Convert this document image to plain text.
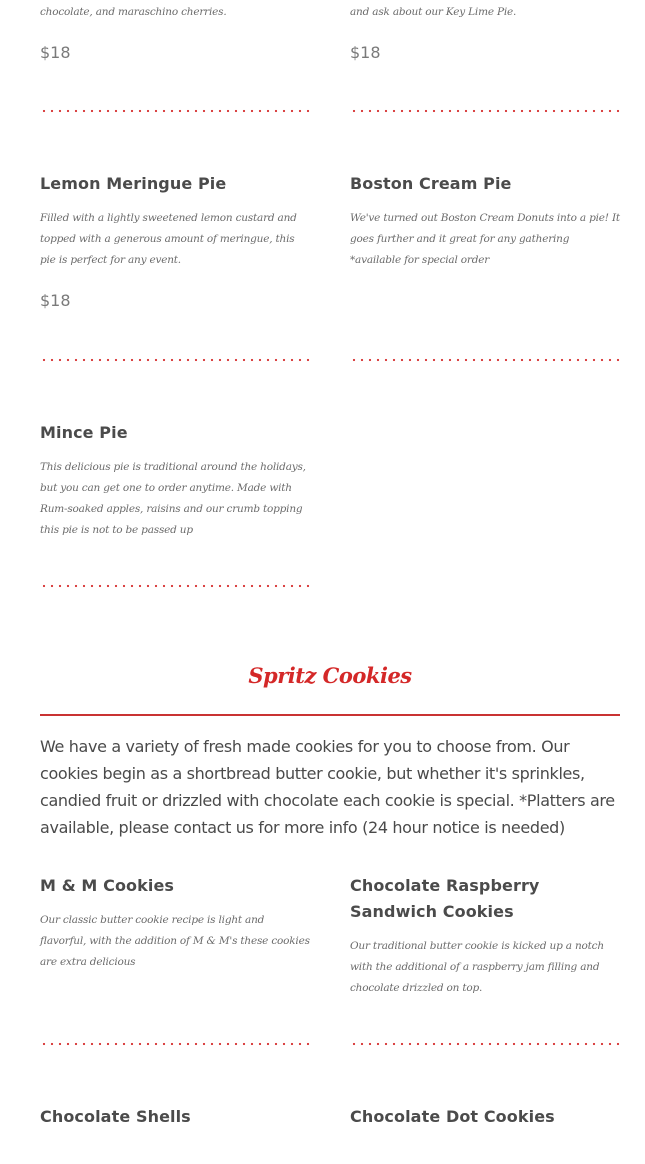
chocolate, and maraschino cherries.

$18

and ask about our Key Lime Pie.

$18

Lemon Meringue Pie

Filled with a lightly sweetened lemon custard and topped with a generous amount of meringue, this pie is perfect for any event.

$18

Boston Cream Pie

We've turned out Boston Cream Donuts into a pie! It goes further and it great for any gathering *available for special order

Mince Pie

This delicious pie is traditional around the holidays, but you can get one to order anytime. Made with Rum-soaked apples, raisins and our crumb topping this pie is not to be passed up

Spritz Cookies

We have a variety of fresh made cookies for you to choose from. Our cookies begin as a shortbread butter cookie, but whether it's sprinkles, candied fruit or drizzled with chocolate each cookie is special. *Platters are available, please contact us for more info (24 hour notice is needed)

M & M Cookies

Our classic butter cookie recipe is light and flavorful, with the addition of M & M's these cookies are extra delicious

Chocolate Raspberry Sandwich Cookies

Our traditional butter cookie is kicked up a notch with the additional of a raspberry jam filling and chocolate drizzled on top.

Chocolate Shells	Chocolate Dot Cookies
